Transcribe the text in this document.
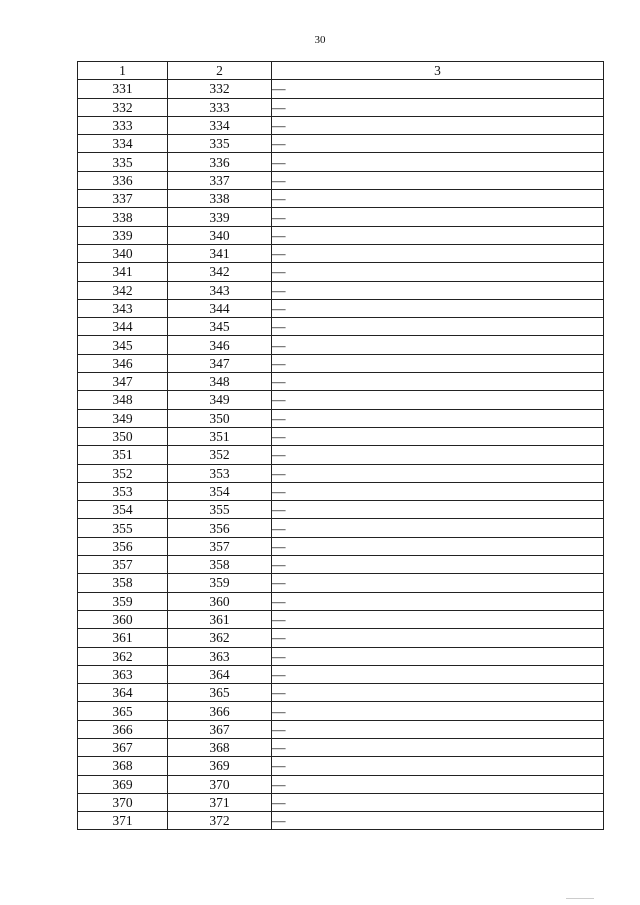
30
1	2	3
331	332	—
332	333	—
333	334	—
334	335	—
335	336	—
336	337	—
337	338	—
338	339	—
339	340	—
340	341	—
341	342	—
342	343	—
343	344	—
344	345	—
345	346	—
346	347	—
347	348	—
348	349	—
349	350	—
350	351	—
351	352	—
352	353	—
353	354	—
354	355	—
355	356	—
356	357	—
357	358	—
358	359	—
359	360	—
360	361	—
361	362	—
362	363	—
363	364	—
364	365	—
365	366	—
366	367	—
367	368	—
368	369	—
369	370	—
370	371	—
371	372	—
